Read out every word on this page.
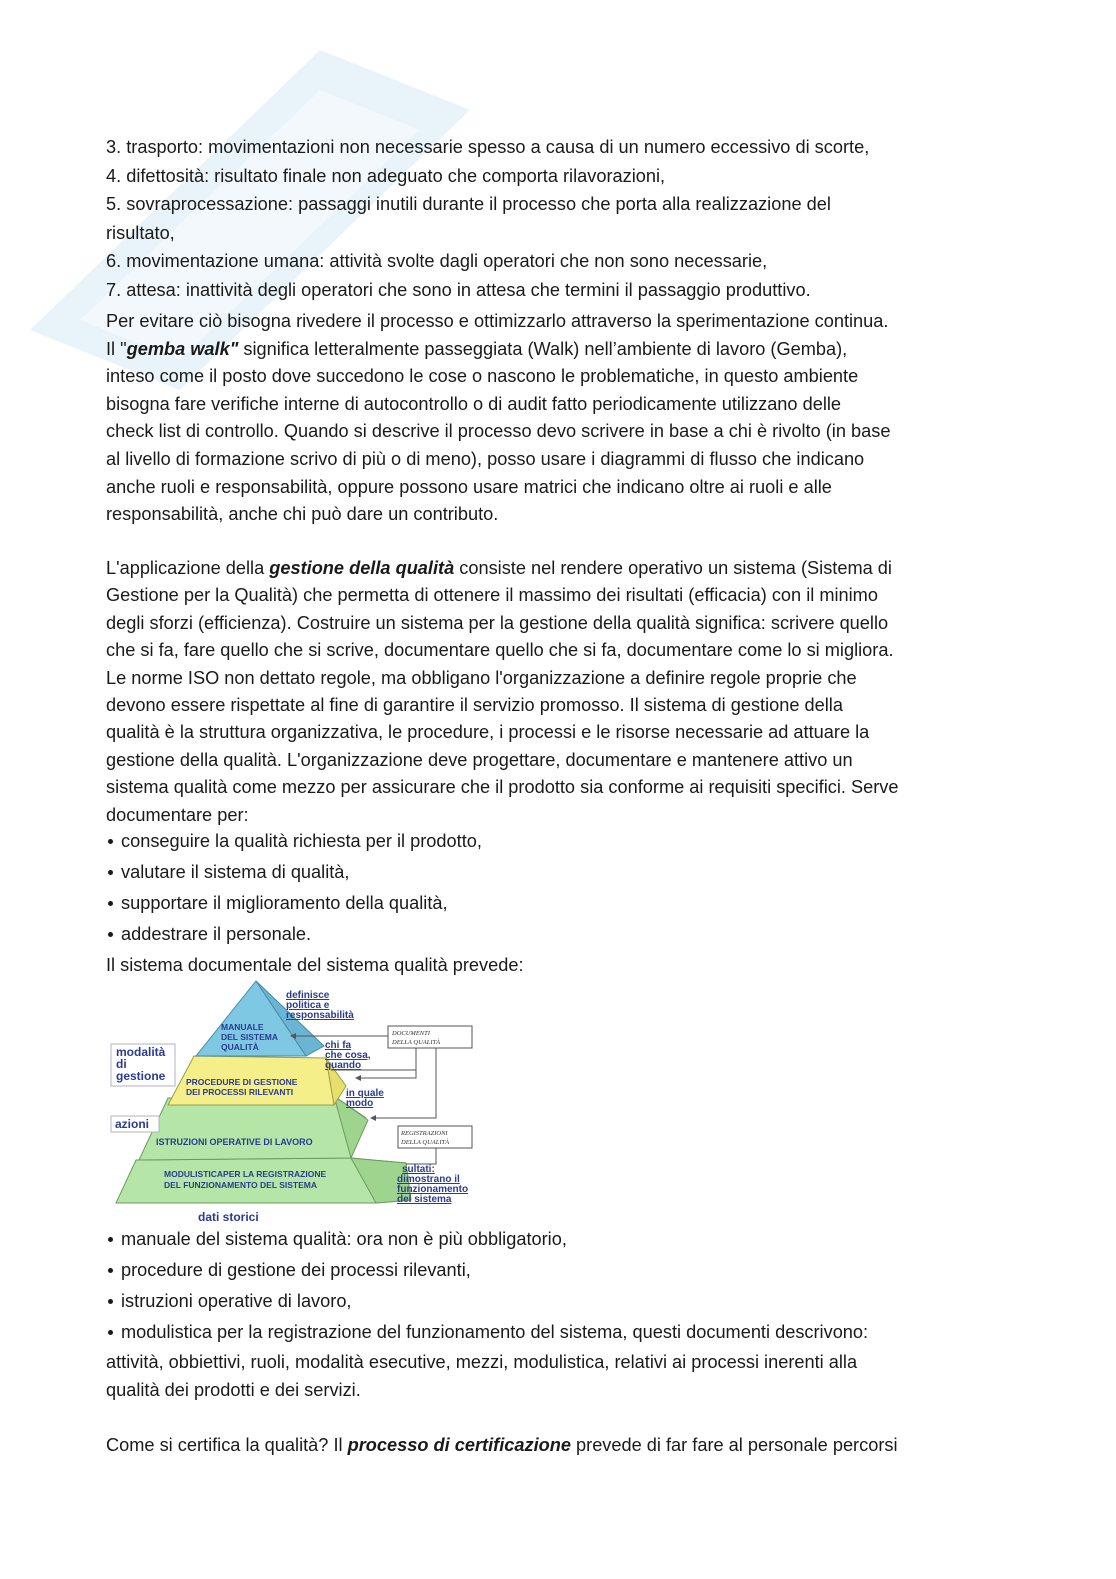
3. trasporto: movimentazioni non necessarie spesso a causa di un numero eccessivo di scorte,
4. difettosità: risultato finale non adeguato che comporta rilavorazioni,
5. sovraprocessazione: passaggi inutili durante il processo che porta alla realizzazione del
risultato,
6. movimentazione umana: attività svolte dagli operatori che non sono necessarie,
7. attesa: inattività degli operatori che sono in attesa che termini il passaggio produttivo.
Per evitare ciò bisogna rivedere il processo e ottimizzarlo attraverso la sperimentazione continua.
Il "gemba walk" significa letteralmente passeggiata (Walk) nell’ambiente di lavoro (Gemba),
inteso come il posto dove succedono le cose o nascono le problematiche, in questo ambiente
bisogna fare verifiche interne di autocontrollo o di audit fatto periodicamente utilizzano delle
check list di controllo. Quando si descrive il processo devo scrivere in base a chi è rivolto (in base
al livello di formazione scrivo di più o di meno), posso usare i diagrammi di flusso che indicano
anche ruoli e responsabilità, oppure possono usare matrici che indicano oltre ai ruoli e alle
responsabilità, anche chi può dare un contributo.
L'applicazione della gestione della qualità consiste nel rendere operativo un sistema (Sistema di
Gestione per la Qualità) che permetta di ottenere il massimo dei risultati (efficacia) con il minimo
degli sforzi (efficienza). Costruire un sistema per la gestione della qualità significa: scrivere quello
che si fa, fare quello che si scrive, documentare quello che si fa, documentare come lo si migliora.
Le norme ISO non dettato regole, ma obbligano l'organizzazione a definire regole proprie che
devono essere rispettate al fine di garantire il servizio promosso. Il sistema di gestione della
qualità è la struttura organizzativa, le procedure, i processi e le risorse necessarie ad attuare la
gestione della qualità. L'organizzazione deve progettare, documentare e mantenere attivo un
sistema qualità come mezzo per assicurare che il prodotto sia conforme ai requisiti specifici. Serve
documentare per:
conseguire la qualità richiesta per il prodotto,
valutare il sistema di qualità,
supportare il miglioramento della qualità,
addestrare il personale.
Il sistema documentale del sistema qualità prevede:
MANUALE
DEL SISTEMA
QUALITÀ
PROCEDURE DI GESTIONE
DEI PROCESSI RILEVANTI
ISTRUZIONI OPERATIVE DI LAVORO
MODULISTICAPER LA REGISTRAZIONE
DEL FUNZIONAMENTO DEL SISTEMA
definisce
politica e
responsabilità
chi fa
che cosa,
quando
in quale
modo
sultati:
dimostrano il
funzionamento
del sistema
modalità
di
gestione
azioni
dati storici
DOCUMENTI
DELLA QUALITÀ
REGISTRAZIONI
DELLA QUALITÀ
manuale del sistema qualità: ora non è più obbligatorio,
procedure di gestione dei processi rilevanti,
istruzioni operative di lavoro,
modulistica per la registrazione del funzionamento del sistema, questi documenti descrivono:
attività, obbiettivi, ruoli, modalità esecutive, mezzi, modulistica, relativi ai processi inerenti alla
qualità dei prodotti e dei servizi.
Come si certifica la qualità? Il processo di certificazione prevede di far fare al personale percorsi
